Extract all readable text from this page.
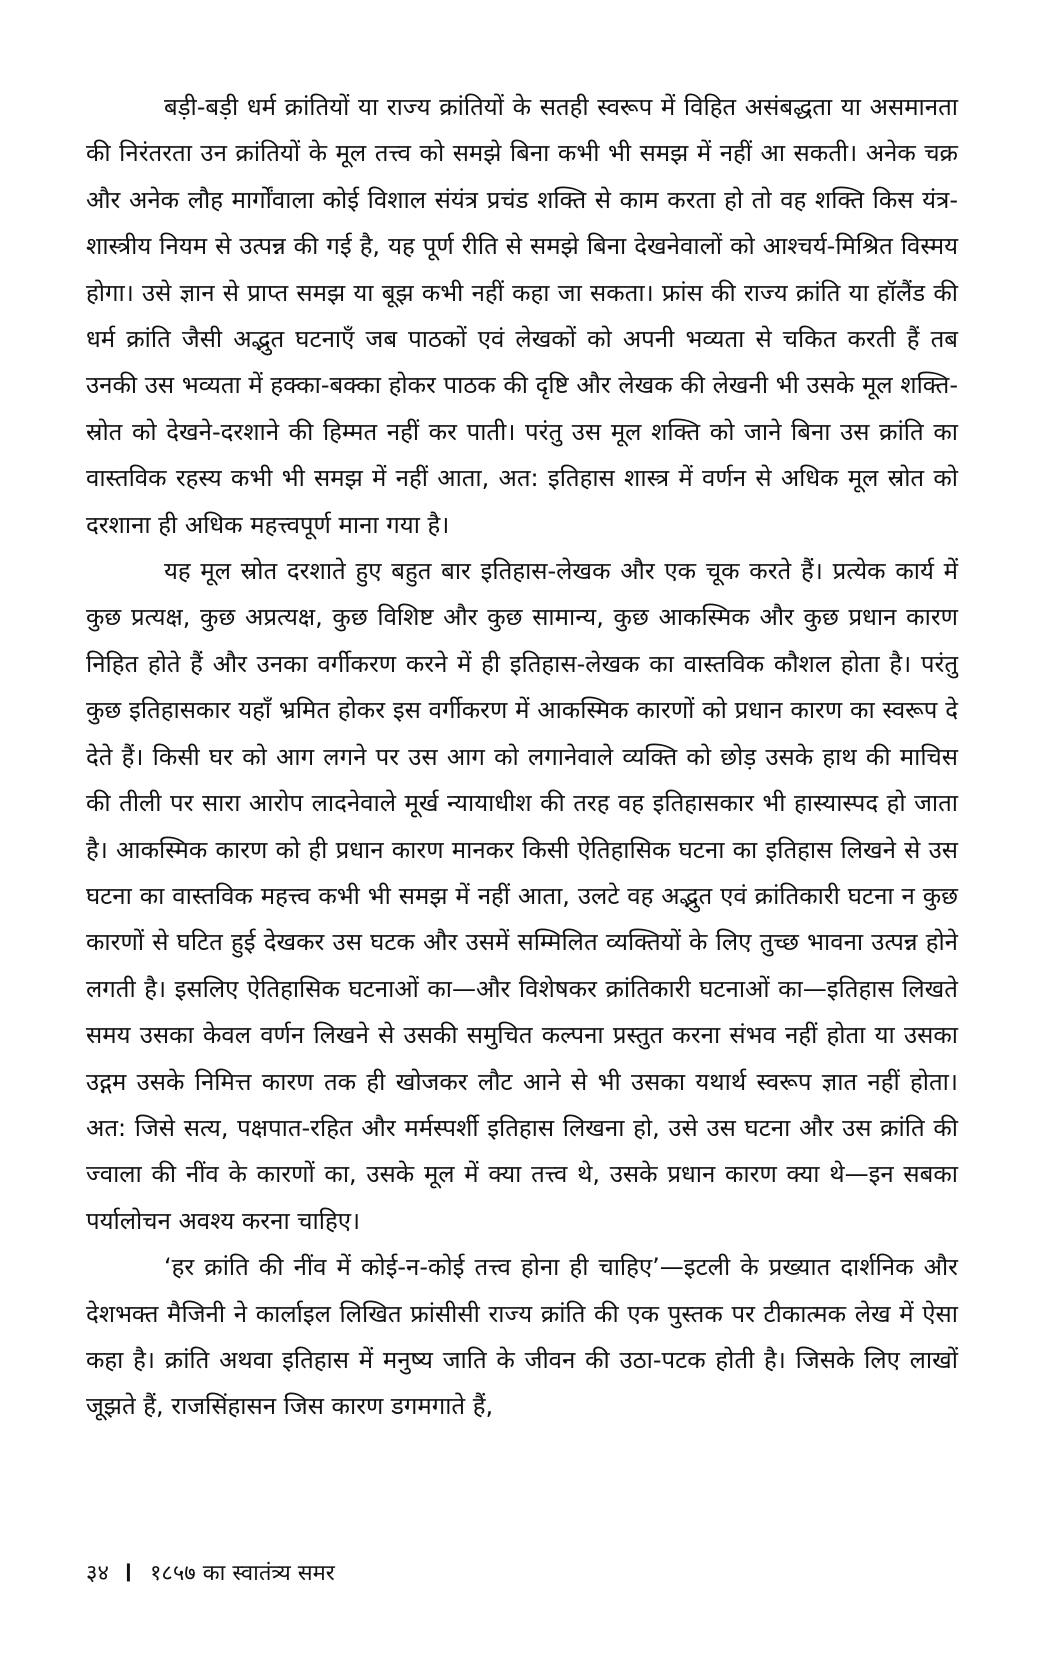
बड़ी-बड़ी धर्म क्रांतियों या राज्य क्रांतियों के सतही स्वरूप में विहित असंबद्धता या असमानता की निरंतरता उन क्रांतियों के मूल तत्त्व को समझे बिना कभी भी समझ में नहीं आ सकती। अनेक चक्र और अनेक लौह मार्गोंवाला कोई विशाल संयंत्र प्रचंड शक्ति से काम करता हो तो वह शक्ति किस यंत्र-शास्त्रीय नियम से उत्पन्न की गई है, यह पूर्ण रीति से समझे बिना देखनेवालों को आश्चर्य-मिश्रित विस्मय होगा। उसे ज्ञान से प्राप्त समझ या बूझ कभी नहीं कहा जा सकता। फ्रांस की राज्य क्रांति या हॉलैंड की धर्म क्रांति जैसी अद्भुत घटनाएँ जब पाठकों एवं लेखकों को अपनी भव्यता से चकित करती हैं तब उनकी उस भव्यता में हक्का-बक्का होकर पाठक की दृष्टि और लेखक की लेखनी भी उसके मूल शक्ति-स्रोत को देखने-दरशाने की हिम्मत नहीं कर पाती। परंतु उस मूल शक्ति को जाने बिना उस क्रांति का वास्तविक रहस्य कभी भी समझ में नहीं आता, अत: इतिहास शास्त्र में वर्णन से अधिक मूल स्रोत को दरशाना ही अधिक महत्त्वपूर्ण माना गया है।

यह मूल स्रोत दरशाते हुए बहुत बार इतिहास-लेखक और एक चूक करते हैं। प्रत्येक कार्य में कुछ प्रत्यक्ष, कुछ अप्रत्यक्ष, कुछ विशिष्ट और कुछ सामान्य, कुछ आकस्मिक और कुछ प्रधान कारण निहित होते हैं और उनका वर्गीकरण करने में ही इतिहास-लेखक का वास्तविक कौशल होता है। परंतु कुछ इतिहासकार यहाँ भ्रमित होकर इस वर्गीकरण में आकस्मिक कारणों को प्रधान कारण का स्वरूप दे देते हैं। किसी घर को आग लगने पर उस आग को लगानेवाले व्यक्ति को छोड़ उसके हाथ की माचिस की तीली पर सारा आरोप लादनेवाले मूर्ख न्यायाधीश की तरह वह इतिहासकार भी हास्यास्पद हो जाता है। आकस्मिक कारण को ही प्रधान कारण मानकर किसी ऐतिहासिक घटना का इतिहास लिखने से उस घटना का वास्तविक महत्त्व कभी भी समझ में नहीं आता, उलटे वह अद्भुत एवं क्रांतिकारी घटना न कुछ कारणों से घटित हुई देखकर उस घटक और उसमें सम्मिलित व्यक्तियों के लिए तुच्छ भावना उत्पन्न होने लगती है। इसलिए ऐतिहासिक घटनाओं का—और विशेषकर क्रांतिकारी घटनाओं का—इतिहास लिखते समय उसका केवल वर्णन लिखने से उसकी समुचित कल्पना प्रस्तुत करना संभव नहीं होता या उसका उद्गम उसके निमित्त कारण तक ही खोजकर लौट आने से भी उसका यथार्थ स्वरूप ज्ञात नहीं होता। अत: जिसे सत्य, पक्षपात-रहित और मर्मस्पर्शी इतिहास लिखना हो, उसे उस घटना और उस क्रांति की ज्वाला की नींव के कारणों का, उसके मूल में क्या तत्त्व थे, उसके प्रधान कारण क्या थे—इन सबका पर्यालोचन अवश्य करना चाहिए।

‘हर क्रांति की नींव में कोई-न-कोई तत्त्व होना ही चाहिए’—इटली के प्रख्यात दार्शनिक और देशभक्त मैजिनी ने कार्लाइल लिखित फ्रांसीसी राज्य क्रांति की एक पुस्तक पर टीकात्मक लेख में ऐसा कहा है। क्रांति अथवा इतिहास में मनुष्य जाति के जीवन की उठा-पटक होती है। जिसके लिए लाखों जूझते हैं, राजसिंहासन जिस कारण डगमगाते हैं,

३४ ❙ १८५७ का स्वातंत्र्य समर
